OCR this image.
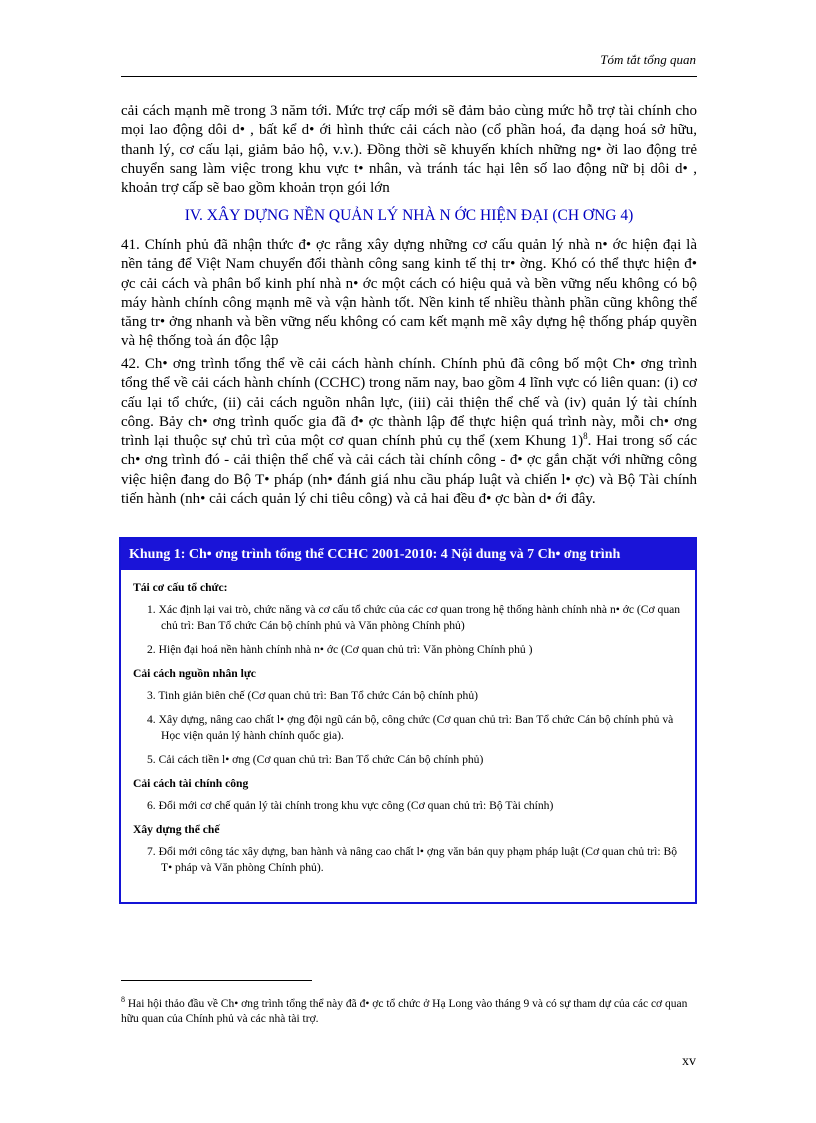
Tóm tắt tổng quan
cải cách mạnh mẽ trong 3 năm tới. Mức trợ cấp mới sẽ đảm bảo cùng mức hỗ trợ tài chính cho mọi lao động dôi d• , bất kể d• ới hình thức cải cách nào (cổ phần hoá, đa dạng hoá sở hữu, thanh lý, cơ cấu lại, giảm bảo hộ, v.v.). Đồng thời sẽ khuyến khích những ng• ời lao động trẻ chuyển sang làm việc trong khu vực t• nhân, và tránh tác hại lên số lao động nữ bị dôi d• , khoản trợ cấp sẽ bao gồm khoản trọn gói lớn
IV. XÂY DỰNG NỀN QUẢN LÝ NHÀ N ỚC HIỆN ĐẠI (CH ƠNG 4)
41. Chính phủ đã nhận thức đ• ợc rằng xây dựng những cơ cấu quản lý nhà n• ớc hiện đại là nền tảng để Việt Nam chuyển đổi thành công sang kinh tế thị tr• ờng. Khó có thể thực hiện đ• ợc cải cách và phân bổ kinh phí nhà n• ớc một cách có hiệu quả và bền vững nếu không có bộ máy hành chính công mạnh mẽ và vận hành tốt. Nền kinh tế nhiều thành phần cũng không thể tăng tr• ởng nhanh và bền vững nếu không có cam kết mạnh mẽ xây dựng hệ thống pháp quyền và hệ thống toà án độc lập
42. Ch• ơng trình tổng thể về cải cách hành chính. Chính phủ đã công bố một Ch• ơng trình tổng thể về cải cách hành chính (CCHC) trong năm nay, bao gồm 4 lĩnh vực có liên quan: (i) cơ cấu lại tổ chức, (ii) cải cách nguồn nhân lực, (iii) cải thiện thể chế và (iv) quản lý tài chính công. Bảy ch• ơng trình quốc gia đã đ• ợc thành lập để thực hiện quá trình này, mỗi ch• ơng trình lại thuộc sự chủ trì của một cơ quan chính phủ cụ thể (xem Khung 1)$^8$. Hai trong số các ch• ơng trình đó - cải thiện thể chế và cải cách tài chính công - đ• ợc gắn chặt với những công việc hiện đang do Bộ T• pháp (nh• đánh giá nhu cầu pháp luật và chiến l• ợc) và Bộ Tài chính tiến hành (nh• cải cách quản lý chi tiêu công) và cả hai đều đ• ợc bàn d• ới đây.
Khung 1: Ch• ơng trình tổng thể CCHC 2001-2010: 4 Nội dung và 7 Ch• ơng trình
Tái cơ cấu tổ chức:
1. Xác định lại vai trò, chức năng và cơ cấu tổ chức của các cơ quan trong hệ thống hành chính nhà n• ớc (Cơ quan chủ trì: Ban Tổ chức Cán bộ chính phủ và Văn phòng Chính phủ)
2. Hiện đại hoá nền hành chính nhà n• ớc (Cơ quan chủ trì: Văn phòng Chính phủ )
Cải cách nguồn nhân lực
3. Tinh giản biên chế (Cơ quan chủ trì: Ban Tổ chức Cán bộ chính phủ)
4. Xây dựng, nâng cao chất l• ợng đội ngũ cán bộ, công chức (Cơ quan chủ trì: Ban Tổ chức Cán bộ chính phủ và Học viện quản lý hành chính quốc gia).
5. Cải cách tiền l• ơng (Cơ quan chủ trì: Ban Tổ chức Cán bộ chính phủ)
Cải cách tài chính công
6. Đổi mới cơ chế quản lý tài chính trong khu vực công (Cơ quan chủ trì: Bộ Tài chính)
Xây dựng thể chế
7. Đổi mới công tác xây dựng, ban hành và nâng cao chất l• ợng văn bản quy phạm pháp luật (Cơ quan chủ trì: Bộ T• pháp và Văn phòng Chính phủ).
$^8$ Hai hội thảo đầu về Ch• ơng trình tổng thể này đã đ• ợc tổ chức ở Hạ Long vào tháng 9 và có sự tham dự của các cơ quan hữu quan của Chính phủ và các nhà tài trợ.
xv
